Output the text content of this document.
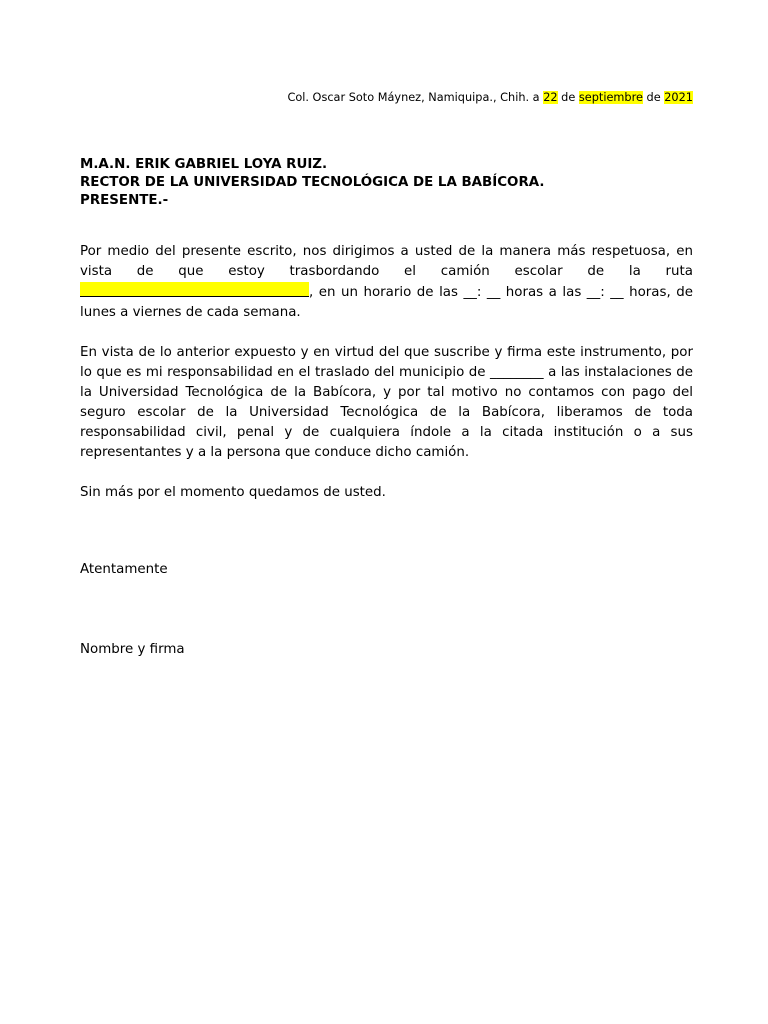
Col. Oscar Soto Máynez, Namiquipa., Chih. a 22 de septiembre de 2021
M.A.N. ERIK GABRIEL LOYA RUIZ.
RECTOR DE LA UNIVERSIDAD TECNOLÓGICA DE LA BABÍCORA.
PRESENTE.-

Por medio del presente escrito, nos dirigimos a usted de la manera más respetuosa, en vista de que estoy trasbordando el camión escolar de la ruta , en un horario de las __: __ horas a las __: __ horas, de lunes a viernes de cada semana.

En vista de lo anterior expuesto y en virtud del que suscribe y firma este instrumento, por lo que es mi responsabilidad en el traslado del municipio de ________ a las instalaciones de la Universidad Tecnológica de la Babícora, y por tal motivo no contamos con pago del seguro escolar de la Universidad Tecnológica de la Babícora, liberamos de toda responsabilidad civil, penal y de cualquiera índole a la citada institución o a sus representantes y a la persona que conduce dicho camión.

Sin más por el momento quedamos de usted.

Atentamente
Nombre y firma
